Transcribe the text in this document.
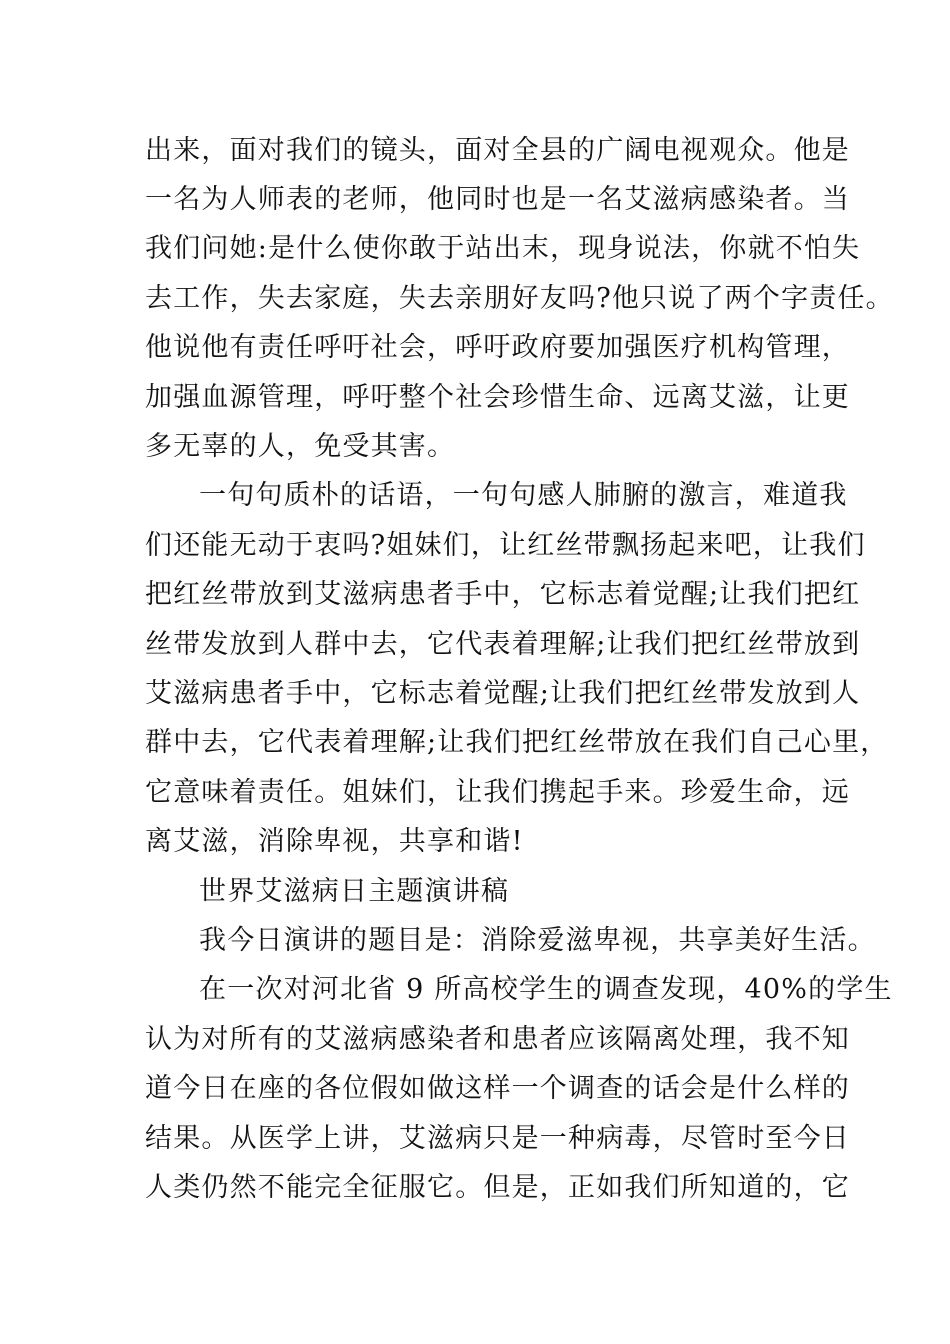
出来，面对我们的镜头，面对全县的广阔电视观众。他是
一名为人师表的老师，他同时也是一名艾滋病感染者。当
我们问她:是什么使你敢于站出末，现身说法，你就不怕失
去工作，失去家庭，失去亲朋好友吗?他只说了两个字责任。
他说他有责任呼吁社会，呼吁政府要加强医疗机构管理，
加强血源管理，呼吁整个社会珍惜生命、远离艾滋，让更
多无辜的人，免受其害。
一句句质朴的话语，一句句感人肺腑的激言，难道我
们还能无动于衷吗?姐妹们，让红丝带飘扬起来吧，让我们
把红丝带放到艾滋病患者手中，它标志着觉醒;让我们把红
丝带发放到人群中去，它代表着理解;让我们把红丝带放到
艾滋病患者手中，它标志着觉醒;让我们把红丝带发放到人
群中去，它代表着理解;让我们把红丝带放在我们自己心里，
它意味着责任。姐妹们，让我们携起手来。珍爱生命，远
离艾滋，消除卑视，共享和谐!
世界艾滋病日主题演讲稿
我今日演讲的题目是：消除爱滋卑视，共享美好生活。
在一次对河北省 9 所高校学生的调查发现，40%的学生
认为对所有的艾滋病感染者和患者应该隔离处理，我不知
道今日在座的各位假如做这样一个调查的话会是什么样的
结果。从医学上讲，艾滋病只是一种病毒，尽管时至今日
人类仍然不能完全征服它。但是，正如我们所知道的，它
